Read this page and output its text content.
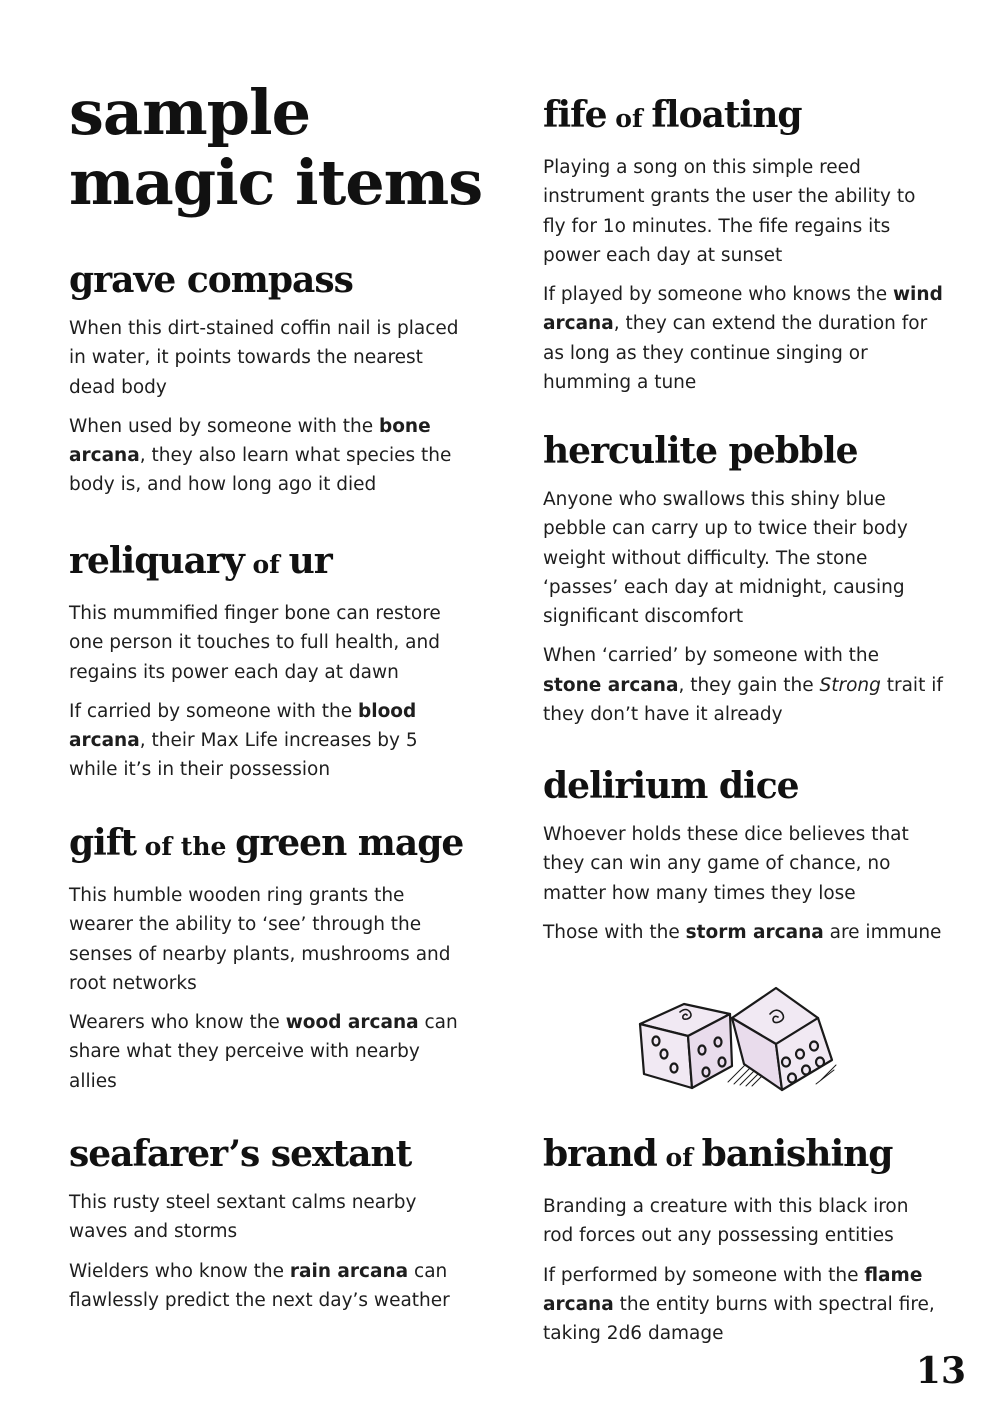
sample
magic items
grave compass

When this dirt-stained coffin nail is placed in water, it points towards the nearest dead body

When used by someone with the bone arcana, they also learn what species the body is, and how long ago it died

reliquary of ur

This mummified finger bone can restore one person it touches to full health, and regains its power each day at dawn

If carried by someone with the blood arcana, their Max Life increases by 5 while it’s in their possession

gift of the green mage

This humble wooden ring grants the wearer the ability to ‘see’ through the senses of nearby plants, mushrooms and root networks

Wearers who know the wood arcana can share what they perceive with nearby allies

seafarer’s sextant

This rusty steel sextant calms nearby waves and storms

Wielders who know the rain arcana can flawlessly predict the next day’s weather

fife of floating

Playing a song on this simple reed instrument grants the user the ability to fly for 1o minutes. The fife regains its power each day at sunset

If played by someone who knows the wind arcana, they can extend the duration for as long as they continue singing or humming a tune

herculite pebble

Anyone who swallows this shiny blue pebble can carry up to twice their body weight without difficulty. The stone ‘passes’ each day at midnight, causing significant discomfort

When ‘carried’ by someone with the stone arcana, they gain the Strong trait if they don’t have it already

delirium dice

Whoever holds these dice believes that they can win any game of chance, no matter how many times they lose

Those with the storm arcana are immune

brand of banishing

Branding a creature with this black iron rod forces out any possessing entities

If performed by someone with the flame arcana the entity burns with spectral fire, taking 2d6 damage

13
